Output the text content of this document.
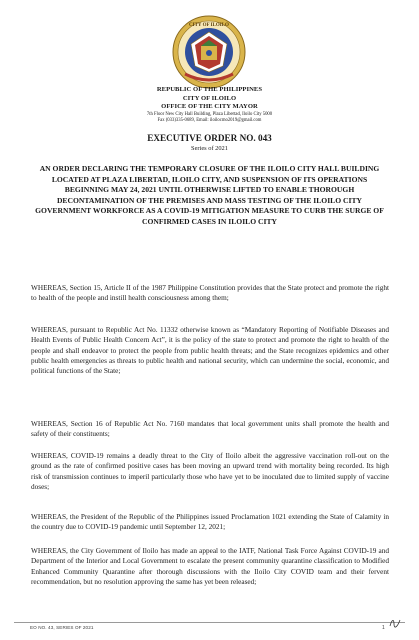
CITY OF ILOILO
REPUBLIC OF THE PHILIPPINES
CITY OF ILOILO
OFFICE OF THE CITY MAYOR
7th Floor New City Hall Building, Plaza Libertad, Iloilo City 5000
Fax (033)335-0689, Email: iloilocmo2019@gmail.com
EXECUTIVE ORDER NO. 043
Series of 2021
AN ORDER DECLARING THE TEMPORARY CLOSURE OF THE ILOILO CITY HALL BUILDING LOCATED AT PLAZA LIBERTAD, ILOILO CITY, AND SUSPENSION OF ITS OPERATIONS BEGINNING MAY 24, 2021 UNTIL OTHERWISE LIFTED TO ENABLE THOROUGH DECONTAMINATION OF THE PREMISES AND MASS TESTING OF THE ILOILO CITY GOVERNMENT WORKFORCE AS A COVID-19 MITIGATION MEASURE TO CURB THE SURGE OF CONFIRMED CASES IN ILOILO CITY
WHEREAS, Section 15, Article II of the 1987 Philippine Constitution provides that the State protect and promote the right to health of the people and instill health consciousness among them;
WHEREAS, pursuant to Republic Act No. 11332 otherwise known as “Mandatory Reporting of Notifiable Diseases and Health Events of Public Health Concern Act”, it is the policy of the state to protect and promote the right to health of the people and shall endeavor to protect the people from public health threats; and the State recognizes epidemics and other public health emergencies as threats to public health and national security, which can undermine the social, economic, and political functions of the State;
WHEREAS, Section 16 of Republic Act No. 7160 mandates that local government units shall promote the health and safety of their constituents;
WHEREAS, COVID-19 remains a deadly threat to the City of Iloilo albeit the aggressive vaccination roll-out on the ground as the rate of confirmed positive cases has been moving an upward trend with mortality being recorded. Its high risk of transmission continues to imperil particularly those who have yet to be inoculated due to limited supply of vaccine doses;
WHEREAS, the President of the Republic of the Philippines issued Proclamation 1021 extending the State of Calamity in the country due to COVID-19 pandemic until September 12, 2021;
WHEREAS, the City Government of Iloilo has made an appeal to the IATF, National Task Force Against COVID-19 and Department of the Interior and Local Government to escalate the present community quarantine classification to Modified Enhanced Community Quarantine after thorough discussions with the Iloilo City COVID team and their fervent recommendation, but no resolution approving the same has yet been released;
EO NO. 43, SERIES OF 2021	1
